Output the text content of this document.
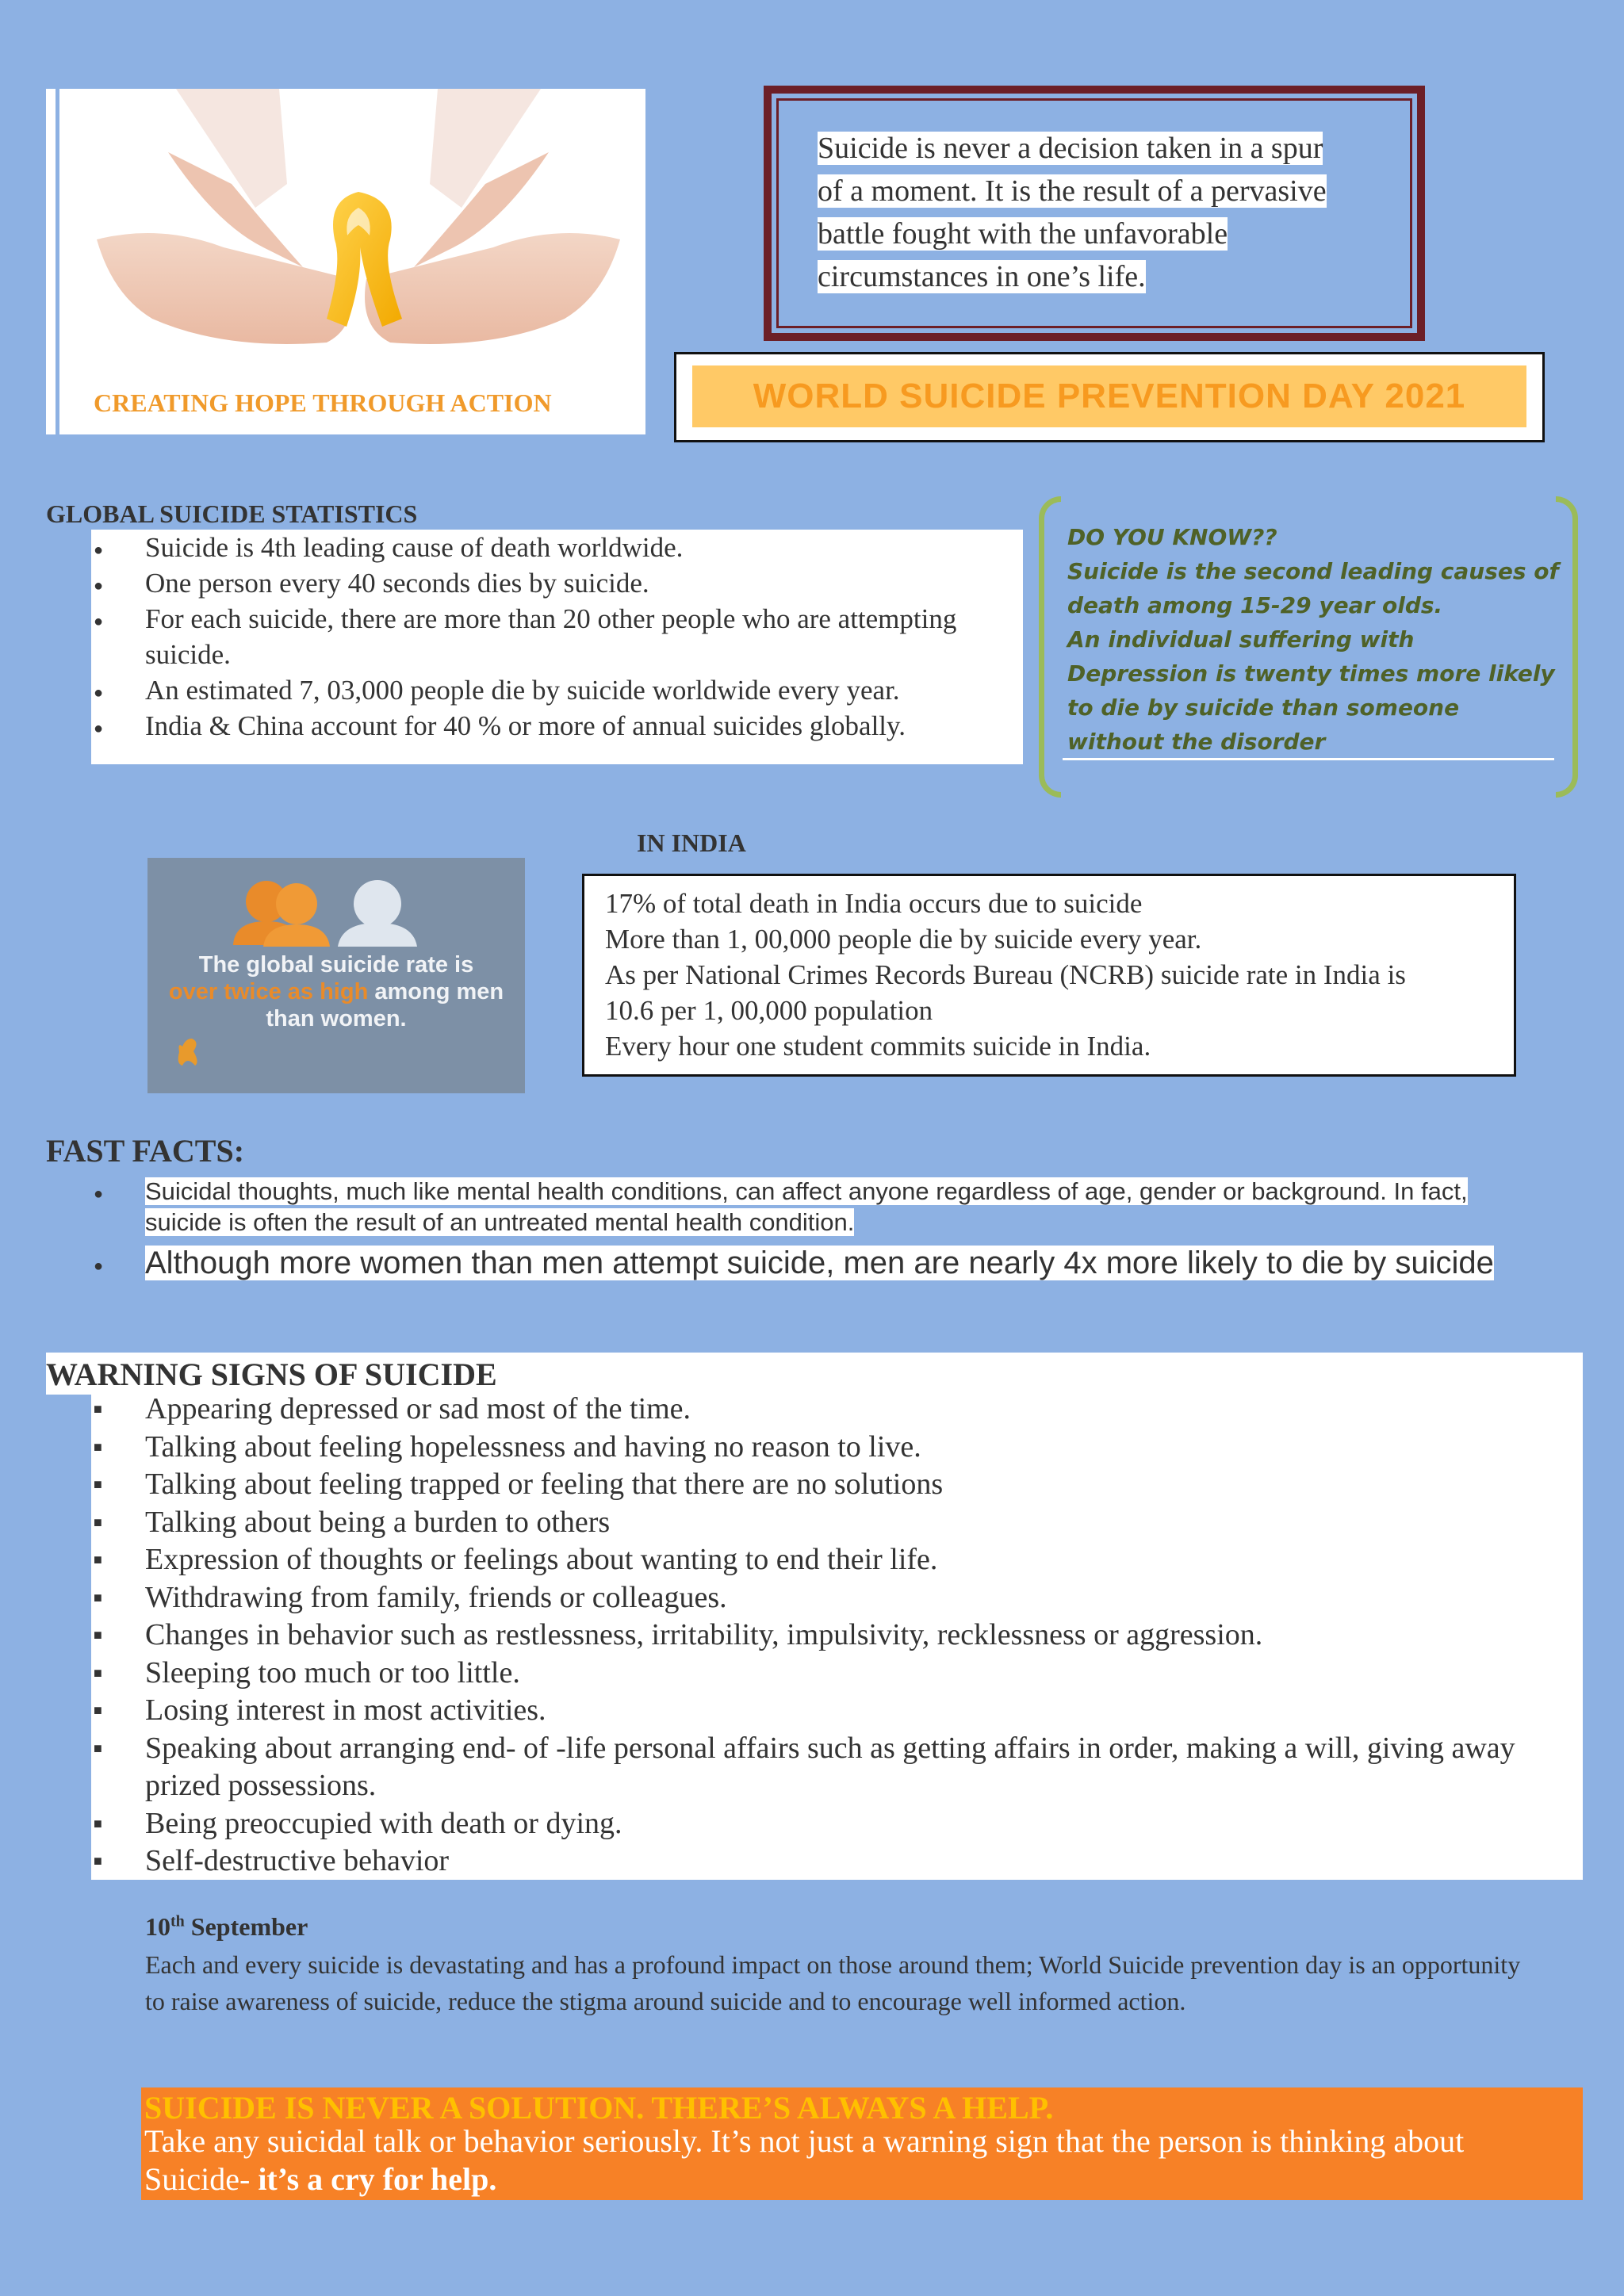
CREATING HOPE THROUGH ACTION
Suicide is never a decision taken in a spur
of a moment. It is the result of a pervasive
battle fought with the unfavorable
circumstances in one’s life.
WORLD SUICIDE PREVENTION DAY 2021
GLOBAL SUICIDE STATISTICS
● Suicide is 4th leading cause of death worldwide.
● One person every 40 seconds dies by suicide.
● For each suicide, there are more than 20 other people who are attempting suicide.
● An estimated 7, 03,000 people die by suicide worldwide every year.
● India & China account for 40 % or more of annual suicides globally.
DO YOU KNOW??
Suicide is the second leading causes of death among 15-29 year olds.
An individual suffering with Depression is twenty times more likely to die by suicide than someone without the disorder
IN INDIA
The global suicide rate is
over twice as high among men than women.
17% of total death in India occurs due to suicide
More than 1, 00,000 people die by suicide every year.
As per National Crimes Records Bureau (NCRB) suicide rate in India is
10.6 per 1, 00,000 population
Every hour one student commits suicide in India.
FAST FACTS:
● Suicidal thoughts, much like mental health conditions, can affect anyone regardless of age, gender or background. In fact, suicide is often the result of an untreated mental health condition.
● Although more women than men attempt suicide, men are nearly 4x more likely to die by suicide
WARNING SIGNS OF SUICIDE
■ Appearing depressed or sad most of the time.
■ Talking about feeling hopelessness and having no reason to live.
■ Talking about feeling trapped or feeling that there are no solutions
■ Talking about being a burden to others
■ Expression of thoughts or feelings about wanting to end their life.
■ Withdrawing from family, friends or colleagues.
■ Changes in behavior such as restlessness, irritability, impulsivity, recklessness or aggression.
■ Sleeping too much or too little.
■ Losing interest in most activities.
■ Speaking about arranging end- of -life personal affairs such as getting affairs in order, making a will, giving away prized possessions.
■ Being preoccupied with death or dying.
■ Self-destructive behavior
10th September
Each and every suicide is devastating and has a profound impact on those around them; World Suicide prevention day is an opportunity to raise awareness of suicide, reduce the stigma around suicide and to encourage well informed action.
SUICIDE IS NEVER A SOLUTION. THERE’S ALWAYS A HELP.
Take any suicidal talk or behavior seriously. It’s not just a warning sign that the person is thinking about Suicide- it’s a cry for help.
